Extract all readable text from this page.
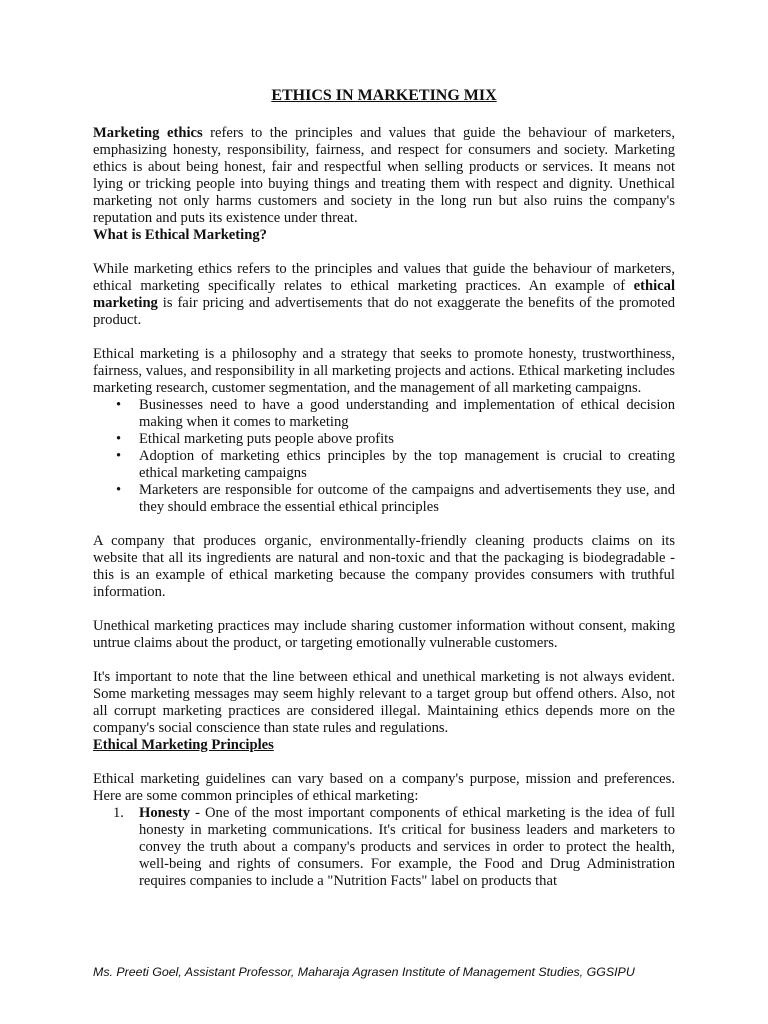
ETHICS IN MARKETING MIX

Marketing ethics refers to the principles and values that guide the behaviour of marketers, emphasizing honesty, responsibility, fairness, and respect for consumers and society. Marketing ethics is about being honest, fair and respectful when selling products or services. It means not lying or tricking people into buying things and treating them with respect and dignity. Unethical marketing not only harms customers and society in the long run but also ruins the company's reputation and puts its existence under threat.

What is Ethical Marketing?

While marketing ethics refers to the principles and values that guide the behaviour of marketers, ethical marketing specifically relates to ethical marketing practices. An example of ethical marketing is fair pricing and advertisements that do not exaggerate the benefits of the promoted product.

Ethical marketing is a philosophy and a strategy that seeks to promote honesty, trustworthiness, fairness, values, and responsibility in all marketing projects and actions. Ethical marketing includes marketing research, customer segmentation, and the management of all marketing campaigns.

• Businesses need to have a good understanding and implementation of ethical decision making when it comes to marketing
• Ethical marketing puts people above profits
• Adoption of marketing ethics principles by the top management is crucial to creating ethical marketing campaigns
• Marketers are responsible for outcome of the campaigns and advertisements they use, and they should embrace the essential ethical principles

A company that produces organic, environmentally-friendly cleaning products claims on its website that all its ingredients are natural and non-toxic and that the packaging is biodegradable - this is an example of ethical marketing because the company provides consumers with truthful information.

Unethical marketing practices may include sharing customer information without consent, making untrue claims about the product, or targeting emotionally vulnerable customers.

It's important to note that the line between ethical and unethical marketing is not always evident. Some marketing messages may seem highly relevant to a target group but offend others. Also, not all corrupt marketing practices are considered illegal. Maintaining ethics depends more on the company's social conscience than state rules and regulations.

Ethical Marketing Principles

Ethical marketing guidelines can vary based on a company's purpose, mission and preferences. Here are some common principles of ethical marketing:

1. Honesty - One of the most important components of ethical marketing is the idea of full honesty in marketing communications. It's critical for business leaders and marketers to convey the truth about a company's products and services in order to protect the health, well-being and rights of consumers. For example, the Food and Drug Administration requires companies to include a "Nutrition Facts" label on products that
Ms. Preeti Goel, Assistant Professor, Maharaja Agrasen Institute of Management Studies, GGSIPU
